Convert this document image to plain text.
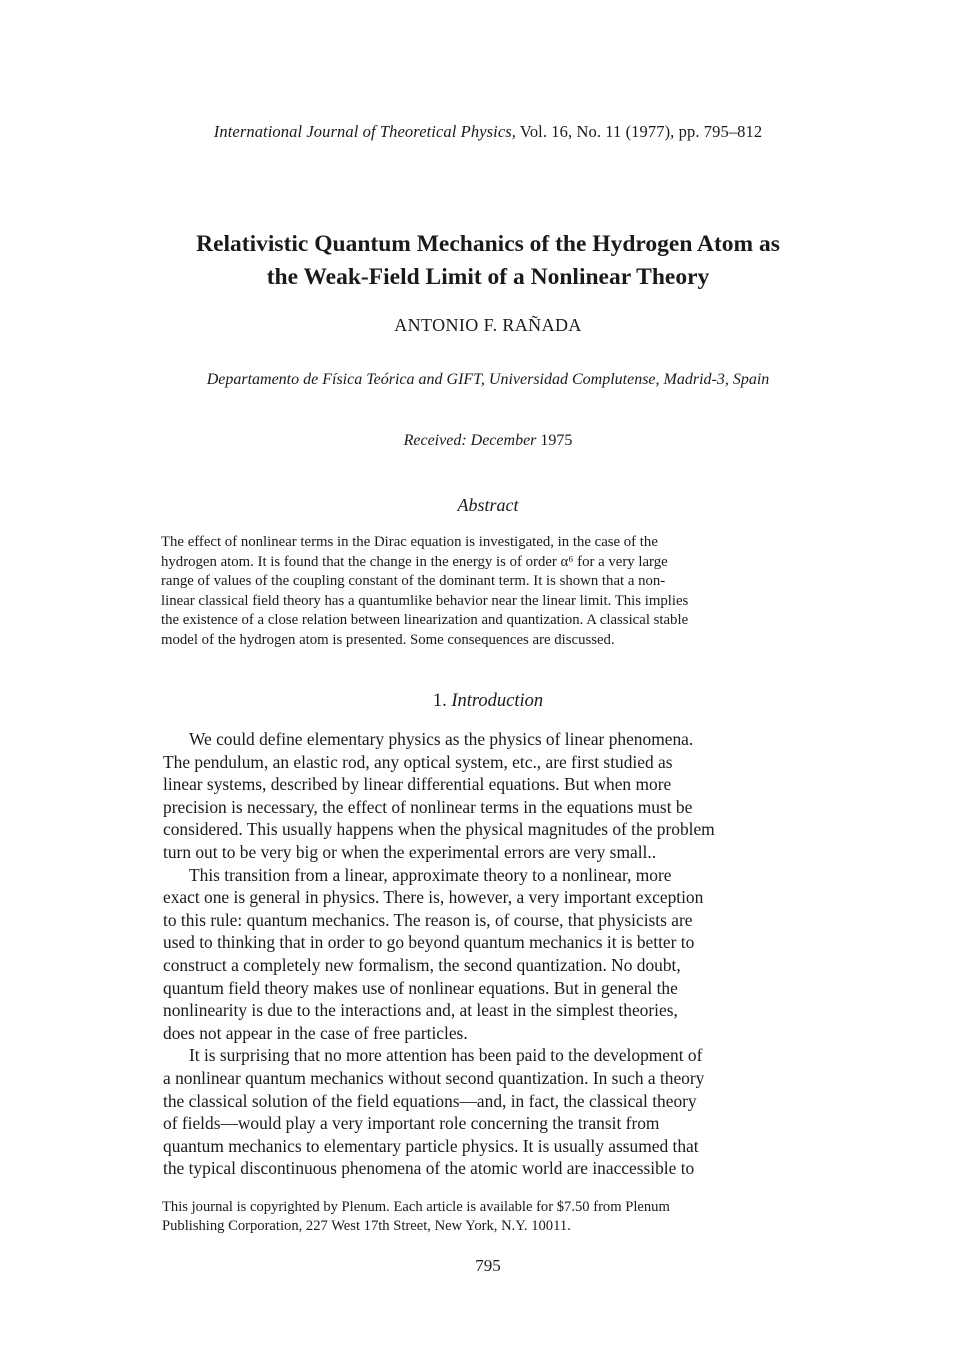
International Journal of Theoretical Physics, Vol. 16, No. 11 (1977), pp. 795–812
Relativistic Quantum Mechanics of the Hydrogen Atom as
the Weak-Field Limit of a Nonlinear Theory
ANTONIO F. RAÑADA
Departamento de Física Teórica and GIFT, Universidad Complutense, Madrid-3, Spain
Received: December 1975
Abstract
The effect of nonlinear terms in the Dirac equation is investigated, in the case of the
hydrogen atom. It is found that the change in the energy is of order α⁶ for a very large
range of values of the coupling constant of the dominant term. It is shown that a non-
linear classical field theory has a quantumlike behavior near the linear limit. This implies
the existence of a close relation between linearization and quantization. A classical stable
model of the hydrogen atom is presented. Some consequences are discussed.
1. Introduction
We could define elementary physics as the physics of linear phenomena.
The pendulum, an elastic rod, any optical system, etc., are first studied as
linear systems, described by linear differential equations. But when more
precision is necessary, the effect of nonlinear terms in the equations must be
considered. This usually happens when the physical magnitudes of the problem
turn out to be very big or when the experimental errors are very small..
This transition from a linear, approximate theory to a nonlinear, more
exact one is general in physics. There is, however, a very important exception
to this rule: quantum mechanics. The reason is, of course, that physicists are
used to thinking that in order to go beyond quantum mechanics it is better to
construct a completely new formalism, the second quantization. No doubt,
quantum field theory makes use of nonlinear equations. But in general the
nonlinearity is due to the interactions and, at least in the simplest theories,
does not appear in the case of free particles.
It is surprising that no more attention has been paid to the development of
a nonlinear quantum mechanics without second quantization. In such a theory
the classical solution of the field equations—and, in fact, the classical theory
of fields—would play a very important role concerning the transit from
quantum mechanics to elementary particle physics. It is usually assumed that
the typical discontinuous phenomena of the atomic world are inaccessible to
This journal is copyrighted by Plenum. Each article is available for $7.50 from Plenum
Publishing Corporation, 227 West 17th Street, New York, N.Y. 10011.
795
